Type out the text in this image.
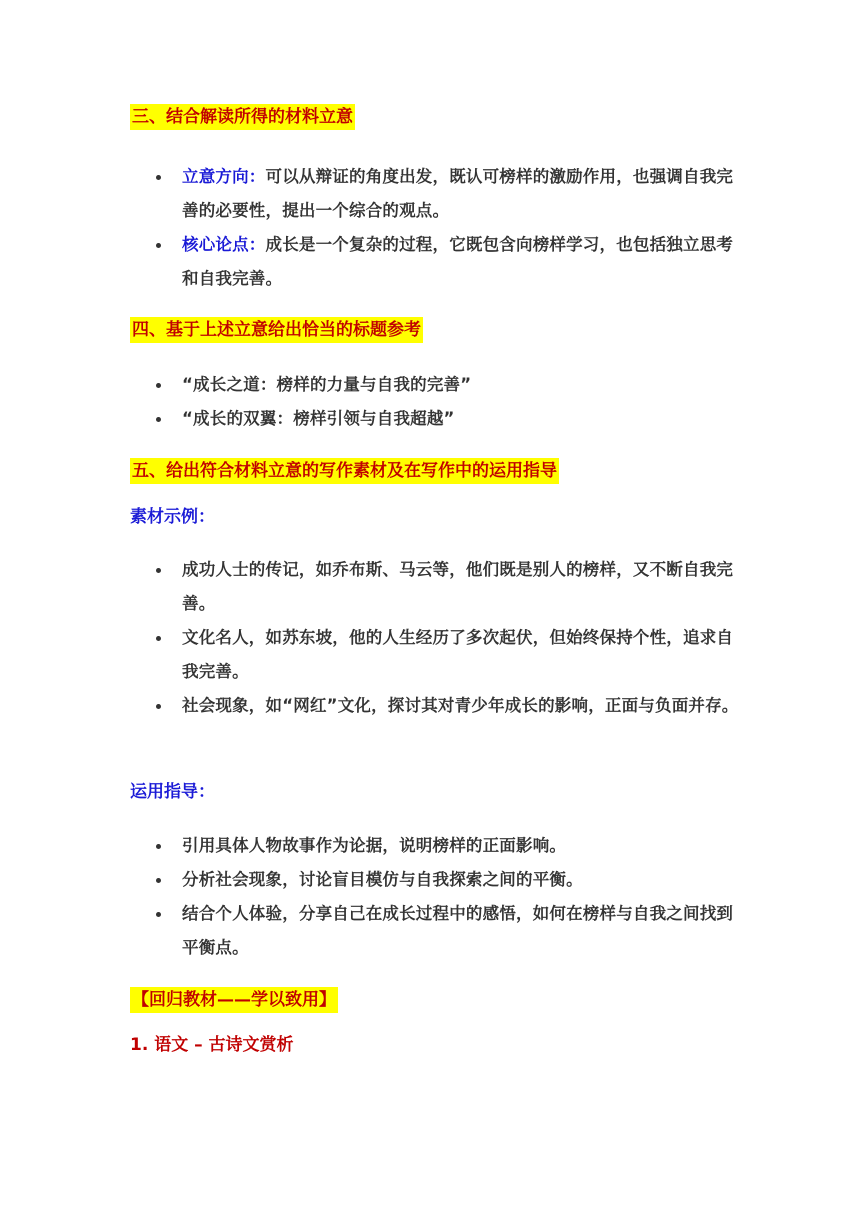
三、结合解读所得的材料立意
立意方向：可以从辩证的角度出发，既认可榜样的激励作用，也强调自我完善的必要性，提出一个综合的观点。
核心论点：成长是一个复杂的过程，它既包含向榜样学习，也包括独立思考和自我完善。
四、基于上述立意给出恰当的标题参考
“成长之道：榜样的力量与自我的完善”
“成长的双翼：榜样引领与自我超越”
五、给出符合材料立意的写作素材及在写作中的运用指导
素材示例：
成功人士的传记，如乔布斯、马云等，他们既是别人的榜样，又不断自我完善。
文化名人，如苏东坡，他的人生经历了多次起伏，但始终保持个性，追求自我完善。
社会现象，如“网红”文化，探讨其对青少年成长的影响，正面与负面并存。
运用指导：
引用具体人物故事作为论据，说明榜样的正面影响。
分析社会现象，讨论盲目模仿与自我探索之间的平衡。
结合个人体验，分享自己在成长过程中的感悟，如何在榜样与自我之间找到平衡点。
【回归教材——学以致用】
1. 语文 – 古诗文赏析
